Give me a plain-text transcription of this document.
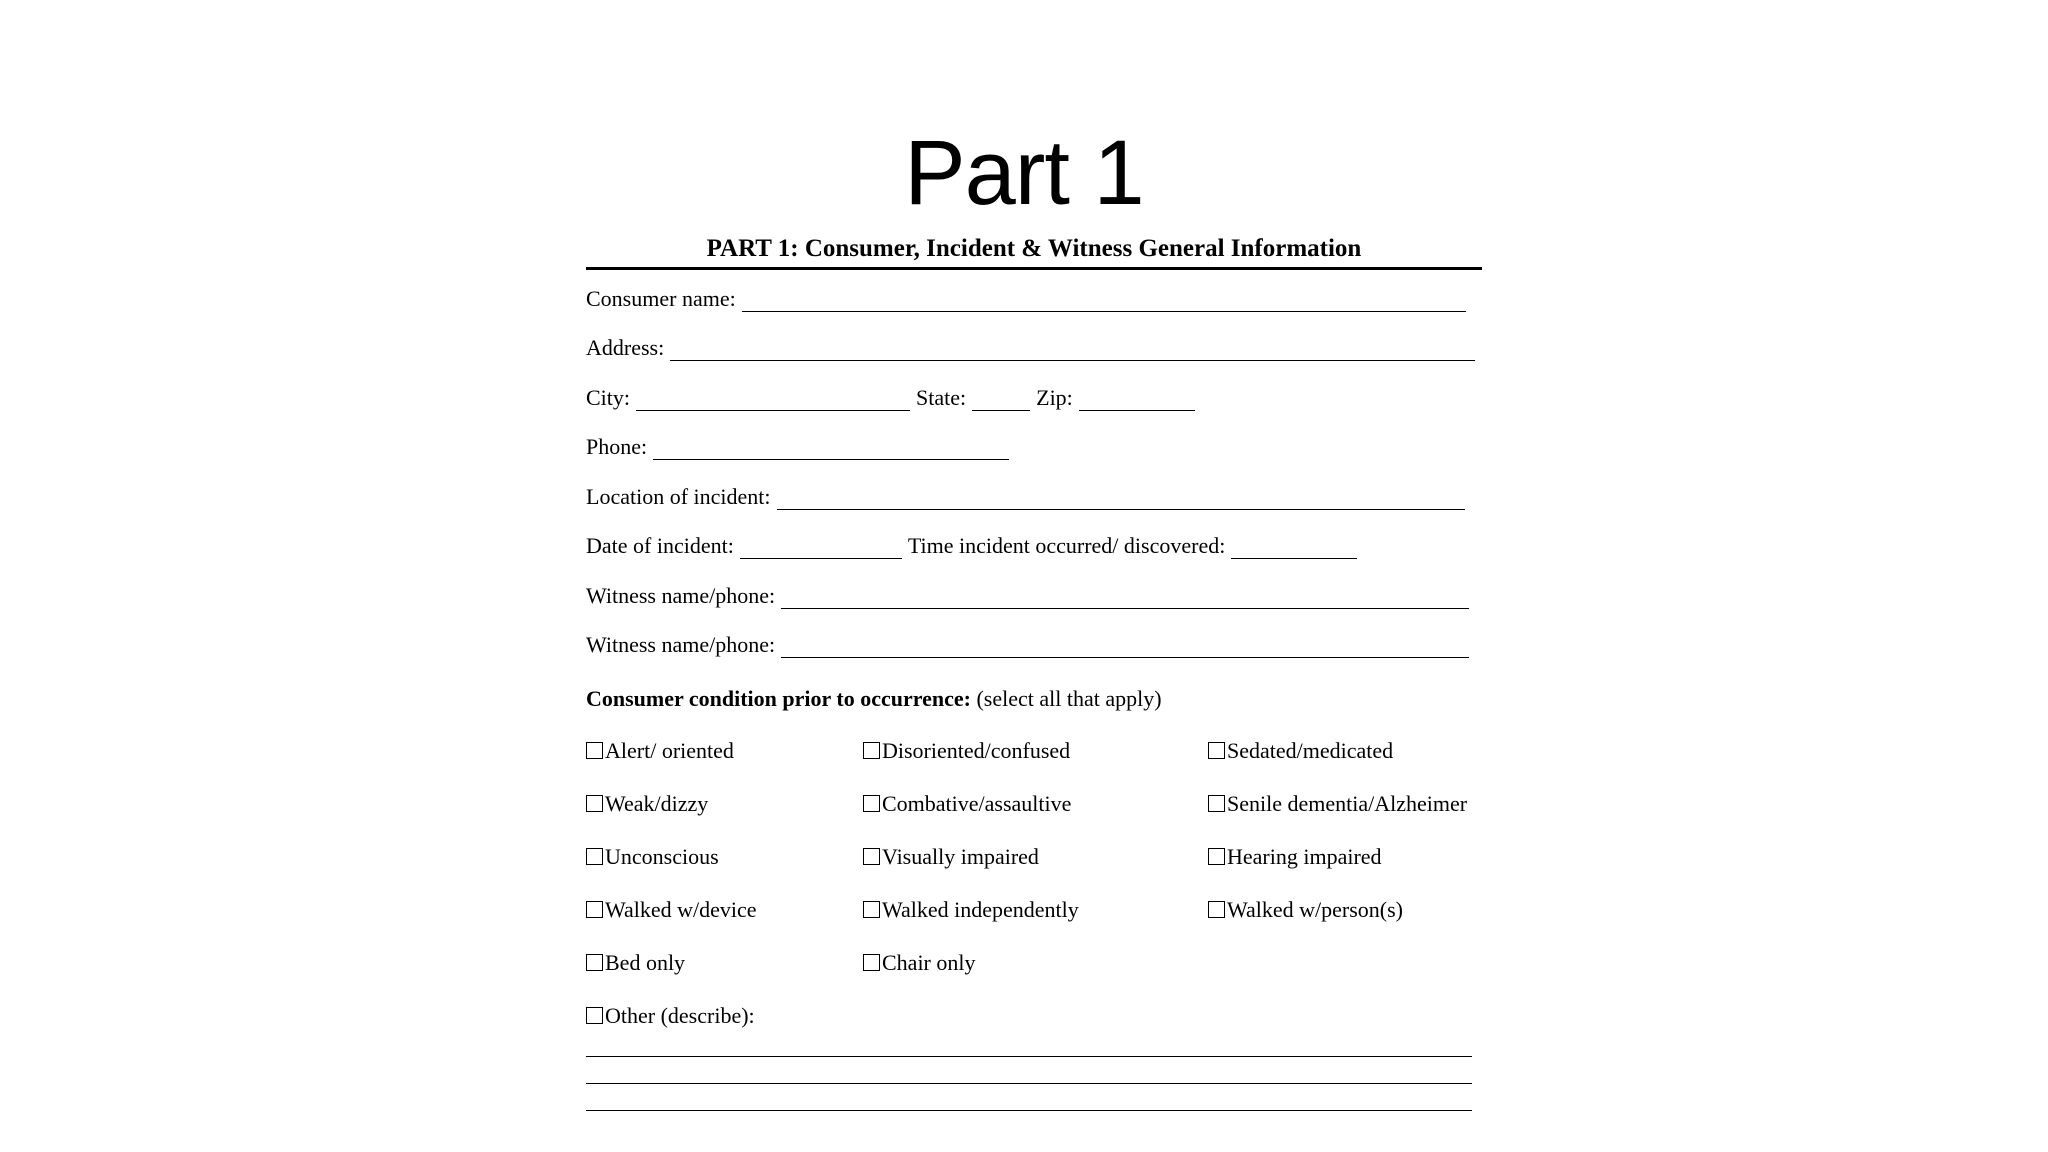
Part 1
PART 1: Consumer, Incident & Witness General Information
Consumer name:
Address:
City:	State:	Zip:
Phone:
Location of incident:
Date of incident:	Time incident occurred/ discovered:
Witness name/phone:
Witness name/phone:
Consumer condition prior to occurrence: (select all that apply)
Alert/ oriented	Disoriented/confused	Sedated/medicated
Weak/dizzy	Combative/assaultive	Senile dementia/Alzheimer
Unconscious	Visually impaired	Hearing impaired
Walked w/device	Walked independently	Walked w/person(s)
Bed only	Chair only
Other (describe):
